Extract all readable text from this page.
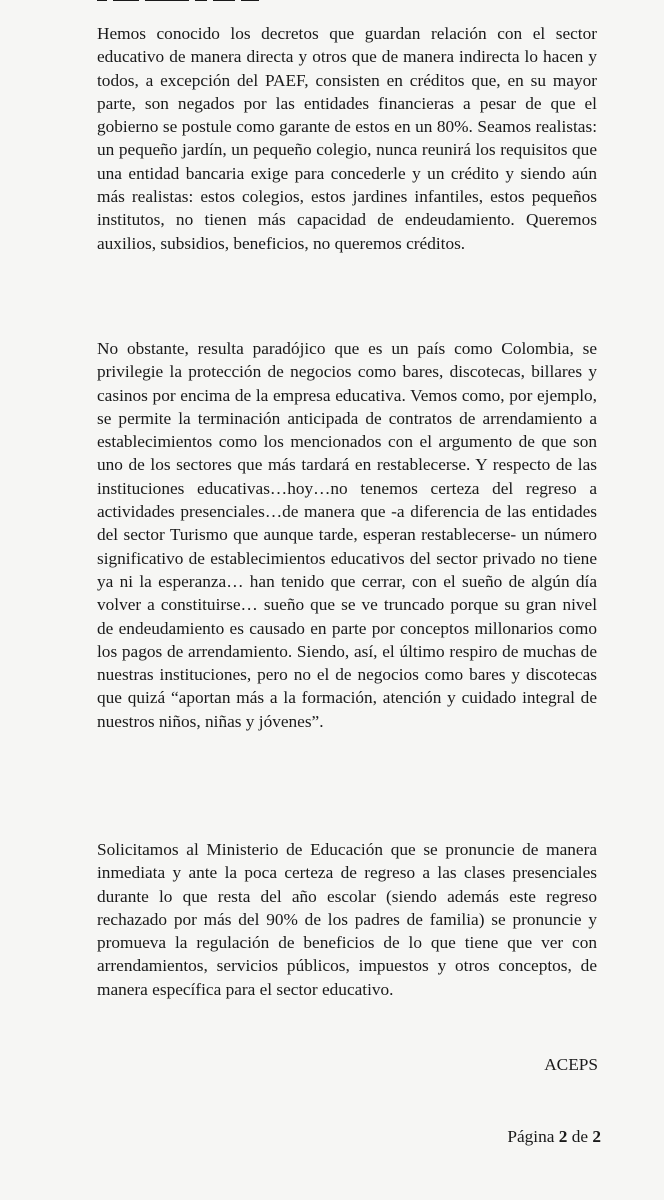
Hemos conocido los decretos que guardan relación con el sector educativo de manera directa y otros que de manera indirecta lo hacen y todos, a excepción del PAEF, consisten en créditos que, en su mayor parte, son negados por las entidades financieras a pesar de que el gobierno se postule como garante de estos en un 80%. Seamos realistas: un pequeño jardín, un pequeño colegio, nunca reunirá los requisitos que una entidad bancaria exige para concederle y un crédito y siendo aún más realistas: estos colegios, estos jardines infantiles, estos pequeños institutos, no tienen más capacidad de endeudamiento. Queremos auxilios, subsidios, beneficios, no queremos créditos.

No obstante, resulta paradójico que es un país como Colombia, se privilegie la protección de negocios como bares, discotecas, billares y casinos por encima de la empresa educativa. Vemos como, por ejemplo, se permite la terminación anticipada de contratos de arrendamiento a establecimientos como los mencionados con el argumento de que son uno de los sectores que más tardará en restablecerse. Y respecto de las instituciones educativas…hoy…no tenemos certeza del regreso a actividades presenciales…de manera que -a diferencia de las entidades del sector Turismo que aunque tarde, esperan restablecerse- un número significativo de establecimientos educativos del sector privado no tiene ya ni la esperanza… han tenido que cerrar, con el sueño de algún día volver a constituirse… sueño que se ve truncado porque su gran nivel de endeudamiento es causado en parte por conceptos millonarios como los pagos de arrendamiento. Siendo, así, el último respiro de muchas de nuestras instituciones, pero no el de negocios como bares y discotecas que quizá “aportan más a la formación, atención y cuidado integral de nuestros niños, niñas y jóvenes”.

Solicitamos al Ministerio de Educación que se pronuncie de manera inmediata y ante la poca certeza de regreso a las clases presenciales durante lo que resta del año escolar (siendo además este regreso rechazado por más del 90% de los padres de familia) se pronuncie y promueva la regulación de beneficios de lo que tiene que ver con arrendamientos, servicios públicos, impuestos y otros conceptos, de manera específica para el sector educativo.

ACEPS

Página 2 de 2
